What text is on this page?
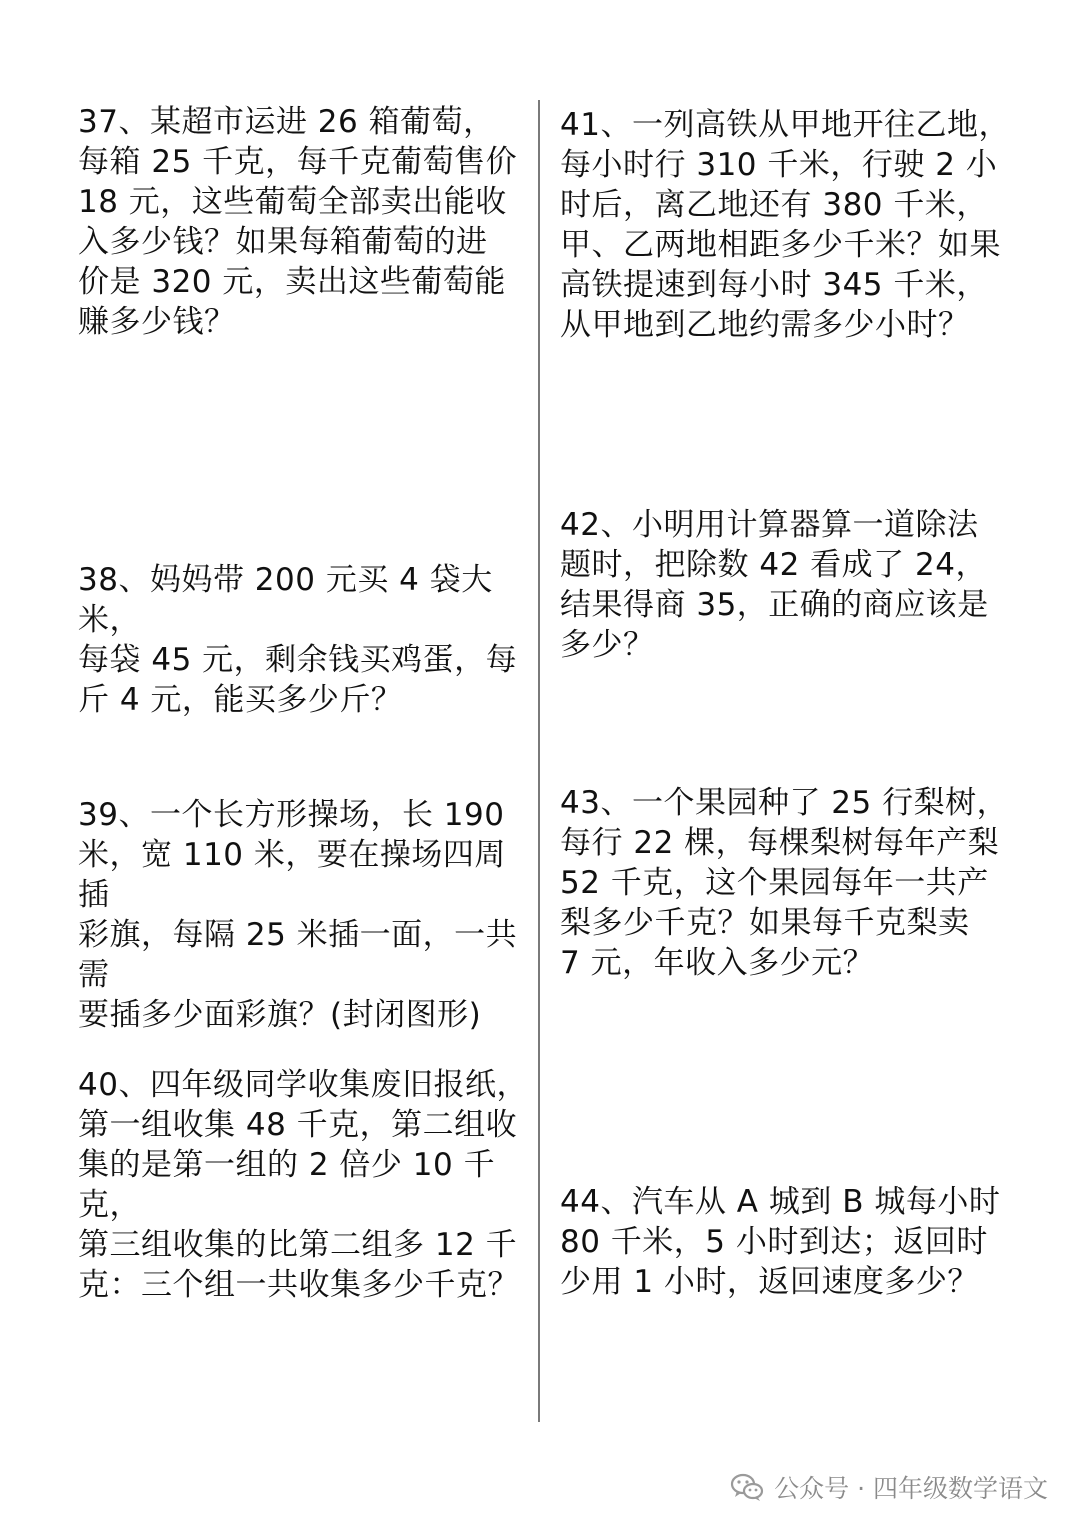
37、某超市运进 26 箱葡萄，
每箱 25 千克，每千克葡萄售价
18 元，这些葡萄全部卖出能收
入多少钱？如果每箱葡萄的进
价是 320 元，卖出这些葡萄能
赚多少钱？

38、妈妈带 200 元买 4 袋大米，
每袋 45 元，剩余钱买鸡蛋，每
斤 4 元，能买多少斤？

39、一个长方形操场，长 190
米，宽 110 米，要在操场四周插
彩旗，每隔 25 米插一面，一共需
要插多少面彩旗？(封闭图形)

40、四年级同学收集废旧报纸，
第一组收集 48 千克，第二组收
集的是第一组的 2 倍少 10 千克，
第三组收集的比第二组多 12 千
克：三个组一共收集多少千克？

41、一列高铁从甲地开往乙地，
每小时行 310 千米，行驶 2 小
时后，离乙地还有 380 千米，
甲、乙两地相距多少千米？如果
高铁提速到每小时 345 千米，
从甲地到乙地约需多少小时？

42、小明用计算器算一道除法
题时，把除数 42 看成了 24，
结果得商 35，正确的商应该是
多少？

43、一个果园种了 25 行梨树，
每行 22 棵，每棵梨树每年产梨
52 千克，这个果园每年一共产
梨多少千克？如果每千克梨卖
7 元，年收入多少元？

44、汽车从 A 城到 B 城每小时
80 千米，5 小时到达；返回时
少用 1 小时，返回速度多少？

公众号 · 四年级数学语文
